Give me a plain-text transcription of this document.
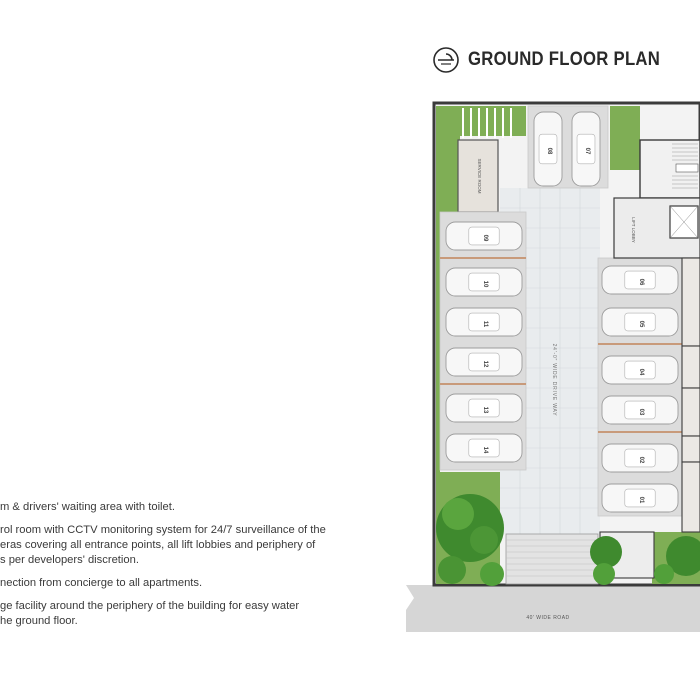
GROUND FLOOR PLAN

m & drivers' waiting area with toilet.

rol room with CCTV monitoring system for 24/7 surveillance of the
eras covering all entrance points, all lift lobbies and periphery of
s per developers' discretion.

nection from concierge to all apartments.

ge facility around the periphery of the building for easy water
he ground floor.	40' WIDE ROAD
SERVICE ROOM
24'-0" WIDE DRIVE WAY
LIFT LOBBY
09
10
11
12
13
14
06
05
04
03
02
01
08	07
